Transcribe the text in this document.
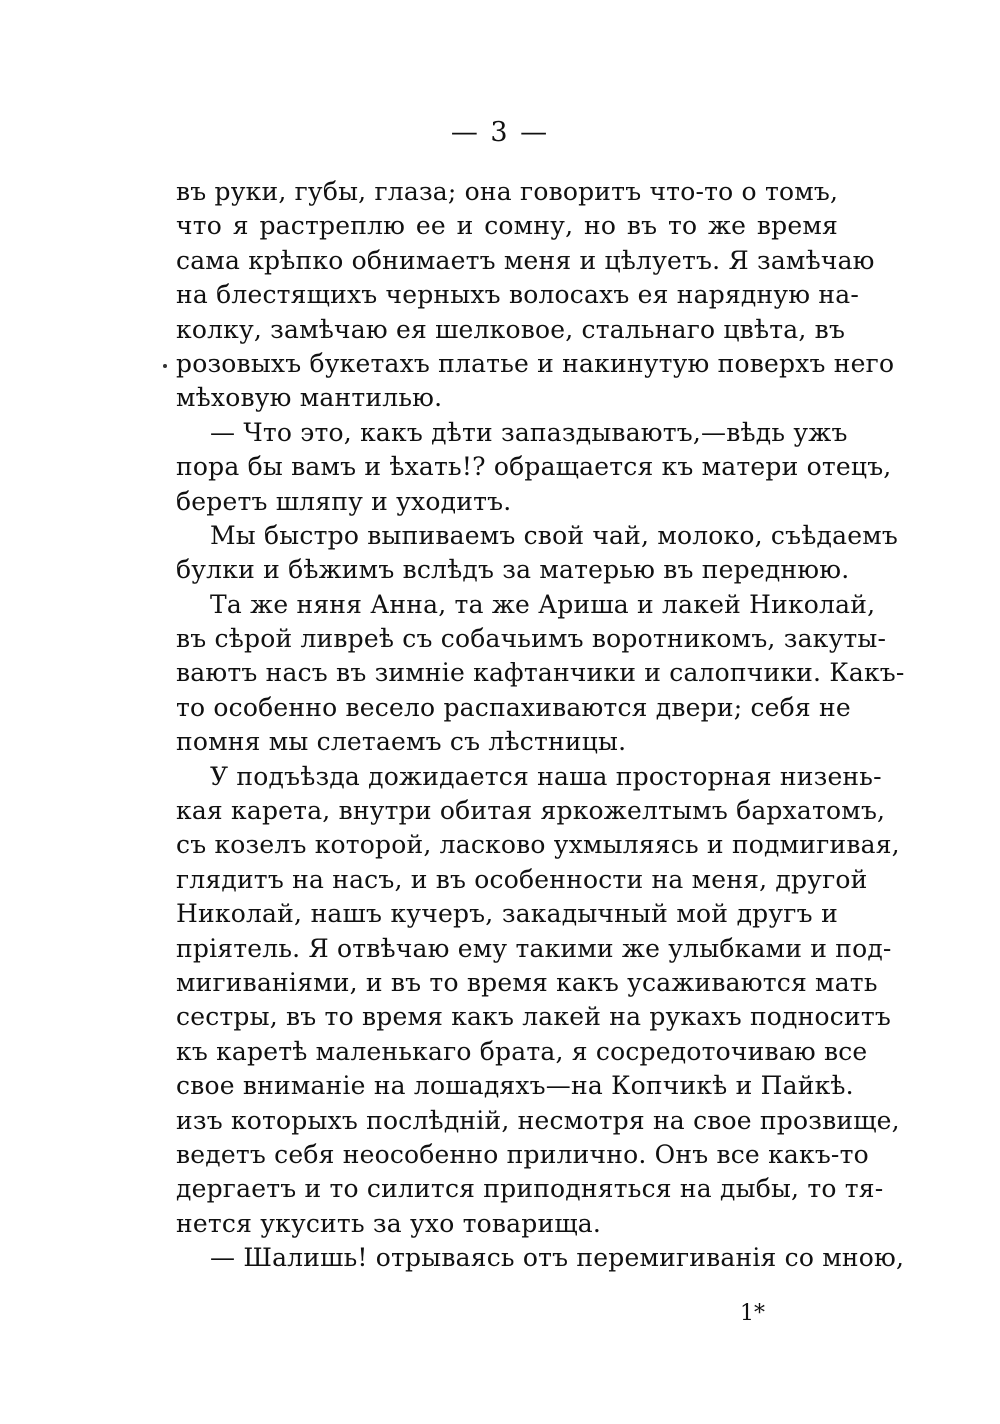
— 3 —
въ руки, губы, глаза; она говоритъ что-то о томъ,
что я растреплю ее и сомну, но въ то же время
сама крѣпко обнимаетъ меня и цѣлуетъ. Я замѣчаю
на блестящихъ черныхъ волосахъ ея нарядную на-
колку, замѣчаю ея шелковое, стальнаго цвѣта, въ
розовыхъ букетахъ платье и накинутую поверхъ него
мѣховую мантилью.
— Что это, какъ дѣти запаздываютъ,—вѣдь ужъ
пора бы вамъ и ѣхать!? обращается къ матери отецъ,
беретъ шляпу и уходитъ.
Мы быстро выпиваемъ свой чай, молоко, съѣдаемъ
булки и бѣжимъ вслѣдъ за матерью въ переднюю.
Та же няня Анна, та же Ариша и лакей Николай,
въ сѣрой ливреѣ съ собачьимъ воротникомъ, закуты-
ваютъ насъ въ зимніе кафтанчики и салопчики. Какъ-
то особенно весело распахиваются двери; себя не
помня мы слетаемъ съ лѣстницы.
У подъѣзда дожидается наша просторная низень-
кая карета, внутри обитая яркожелтымъ бархатомъ,
съ козелъ которой, ласково ухмыляясь и подмигивая,
глядитъ на насъ, и въ особенности на меня, другой
Николай, нашъ кучеръ, закадычный мой другъ и
пріятель. Я отвѣчаю ему такими же улыбками и под-
мигиваніями, и въ то время какъ усаживаются мать
сестры, въ то время какъ лакей на рукахъ подноситъ
къ каретѣ маленькаго брата, я сосредоточиваю все
свое вниманіе на лошадяхъ—на Копчикѣ и Пайкѣ.
изъ которыхъ послѣдній, несмотря на свое прозвище,
ведетъ себя неособенно прилично. Онъ все какъ-то
дергаетъ и то силится приподняться на дыбы, то тя-
нется укусить за ухо товарища.
— Шалишь! отрываясь отъ перемигиванія со мною,
1*
